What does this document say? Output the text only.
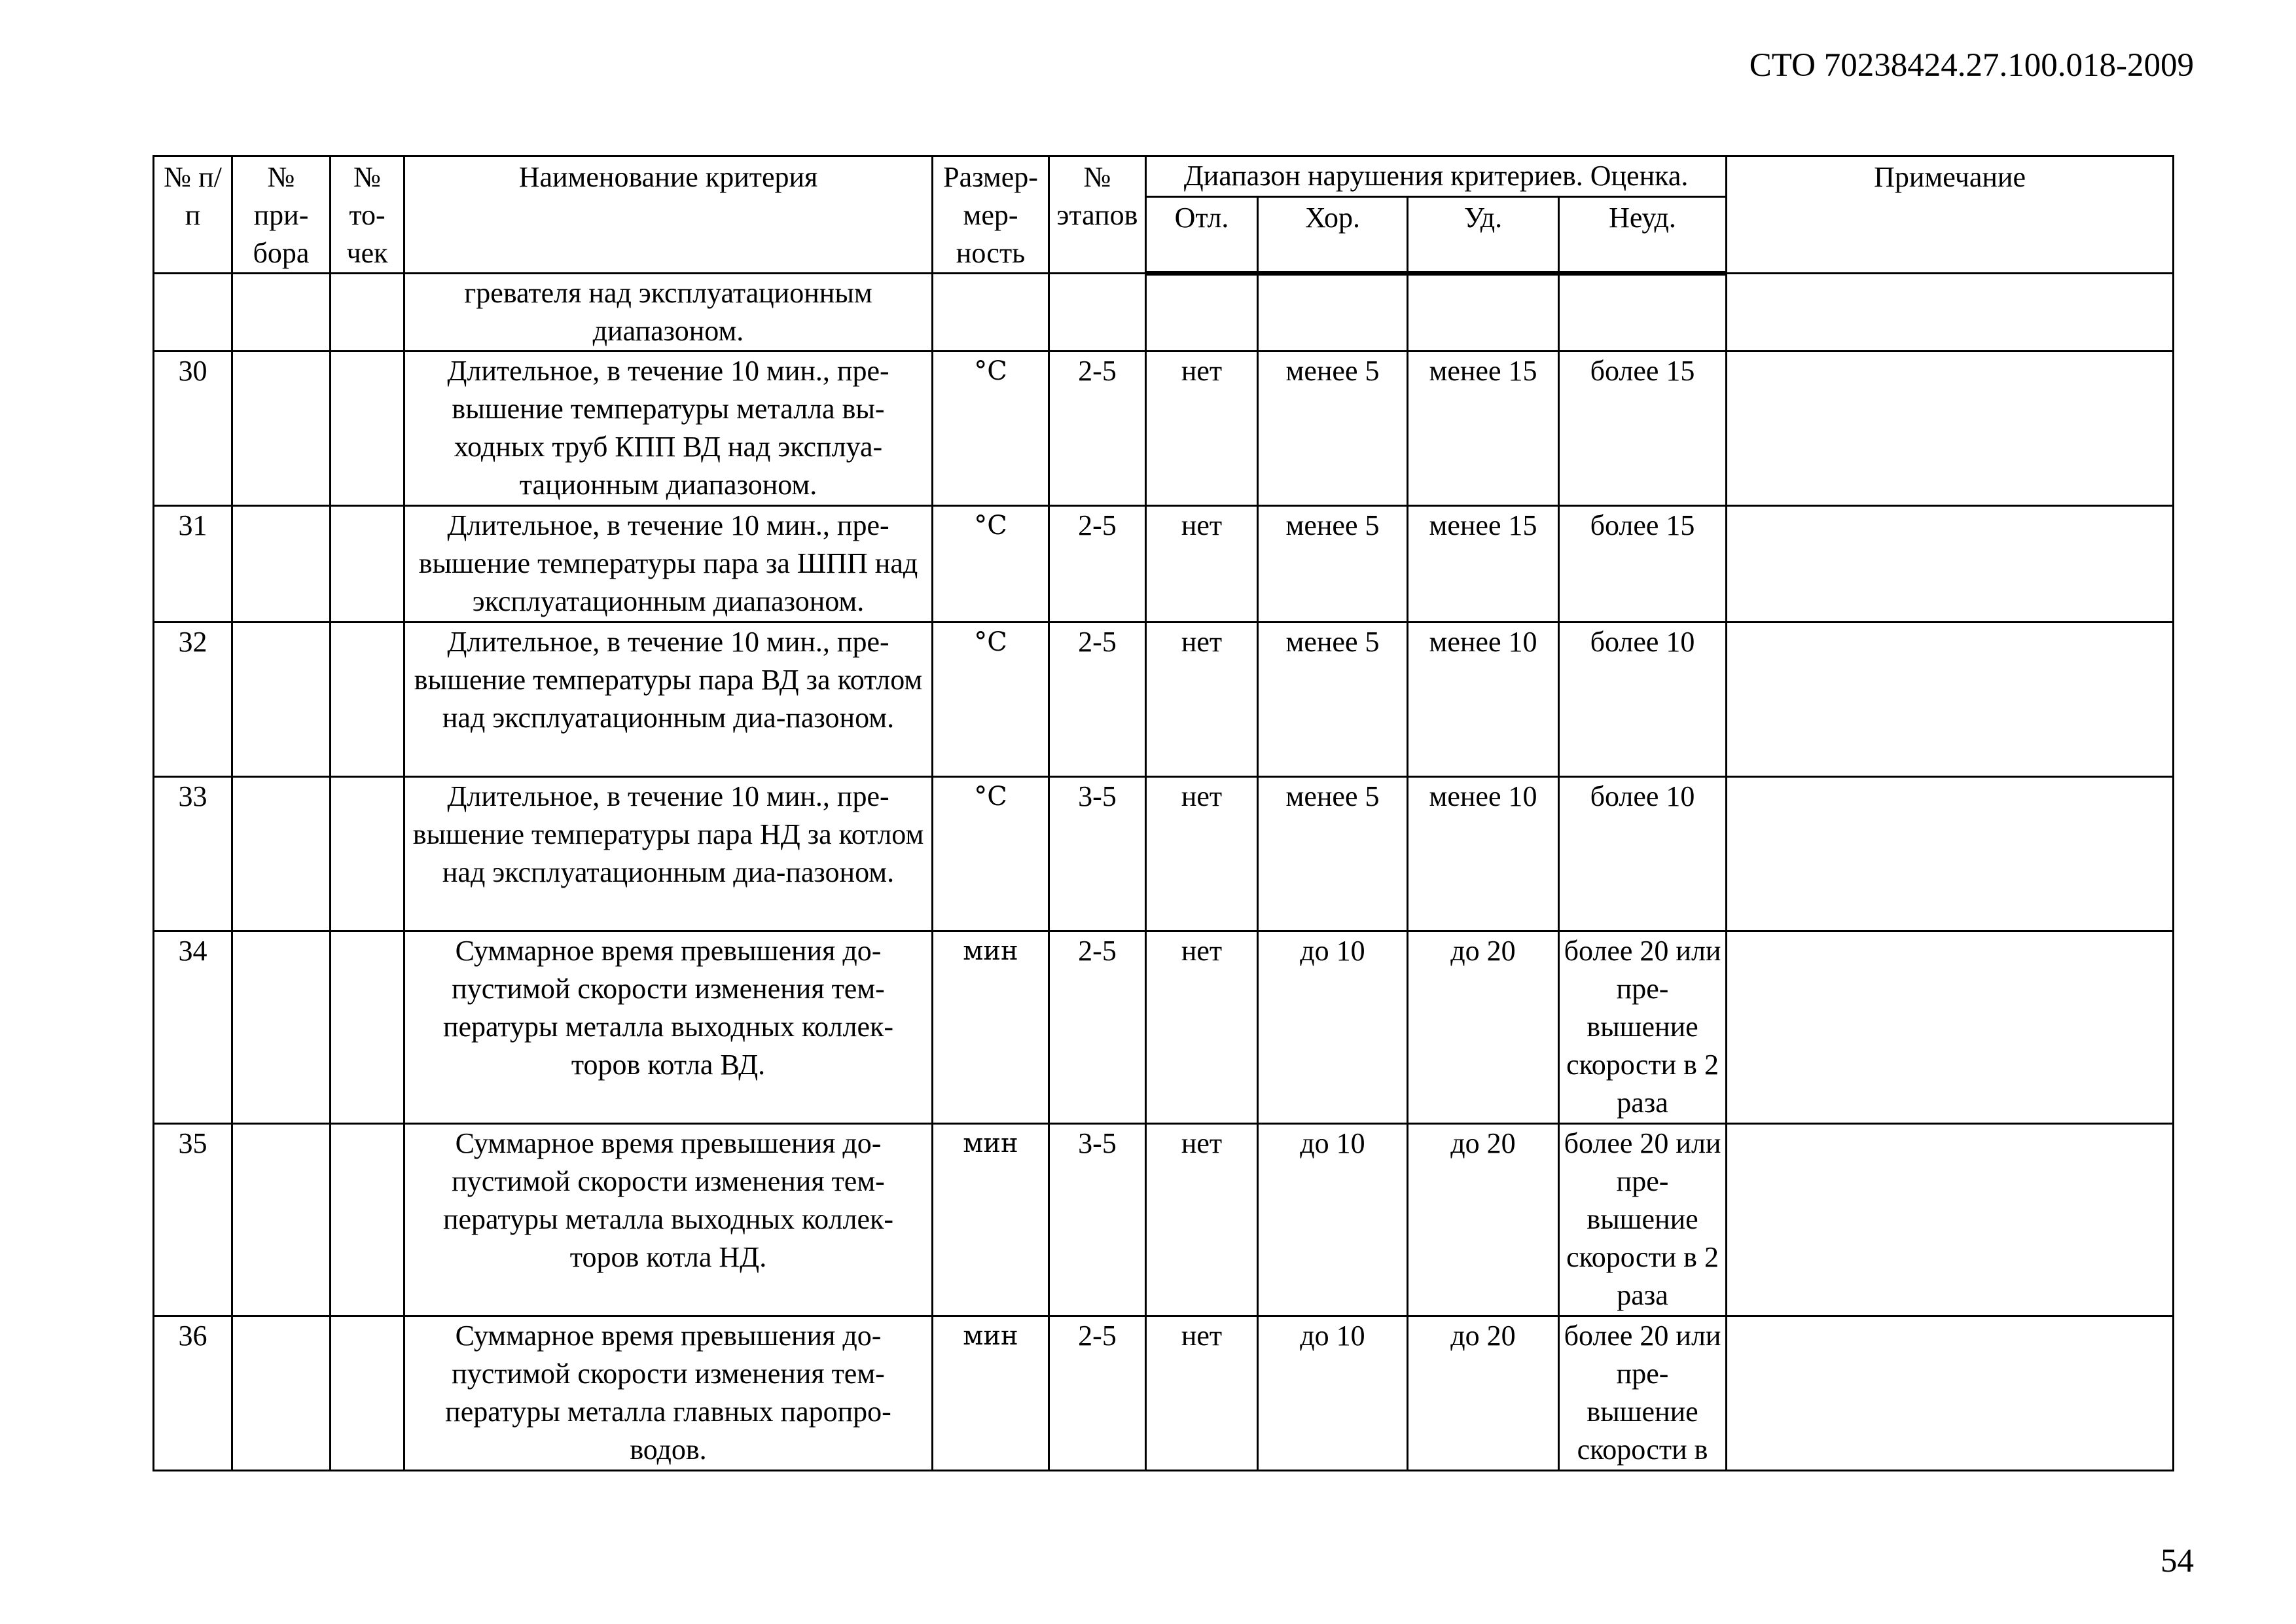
СТО 70238424.27.100.018-2009
№ п/п	№ при-бора	№ то-чек	Наименование критерия	Размер-мер-ность	№ этапов	Диапазон нарушения критериев. Оценка.				Примечание
						Отл.	Хор.	Уд.	Неуд.	
			гревателя над эксплуатационным диапазоном.							
30			Длительное, в течение 10 мин., пре-вышение температуры металла вы-ходных труб КПП ВД над эксплуа-тационным диапазоном.	°С	2-5	нет	менее 5	менее 15	более 15	
31			Длительное, в течение 10 мин., пре-вышение температуры пара за ШПП над эксплуатационным диапазоном.	°С	2-5	нет	менее 5	менее 15	более 15	
32			Длительное, в течение 10 мин., пре-вышение температуры пара ВД за котлом над эксплуатационным диа-пазоном.	°С	2-5	нет	менее 5	менее 10	более 10	
33			Длительное, в течение 10 мин., пре-вышение температуры пара НД за котлом над эксплуатационным диа-пазоном.	°С	3-5	нет	менее 5	менее 10	более 10	
34			Суммарное время превышения до-пустимой скорости изменения тем-пературы металла выходных коллек-торов котла ВД.	мин	2-5	нет	до 10	до 20	более 20 или пре-вышение скорости в 2 раза	
35			Суммарное время превышения до-пустимой скорости изменения тем-пературы металла выходных коллек-торов котла НД.	мин	3-5	нет	до 10	до 20	более 20 или пре-вышение скорости в 2 раза	
36			Суммарное время превышения до-пустимой скорости изменения тем-пературы металла главных паропро-водов.	мин	2-5	нет	до 10	до 20	более 20 или пре-вышение скорости в	
54
